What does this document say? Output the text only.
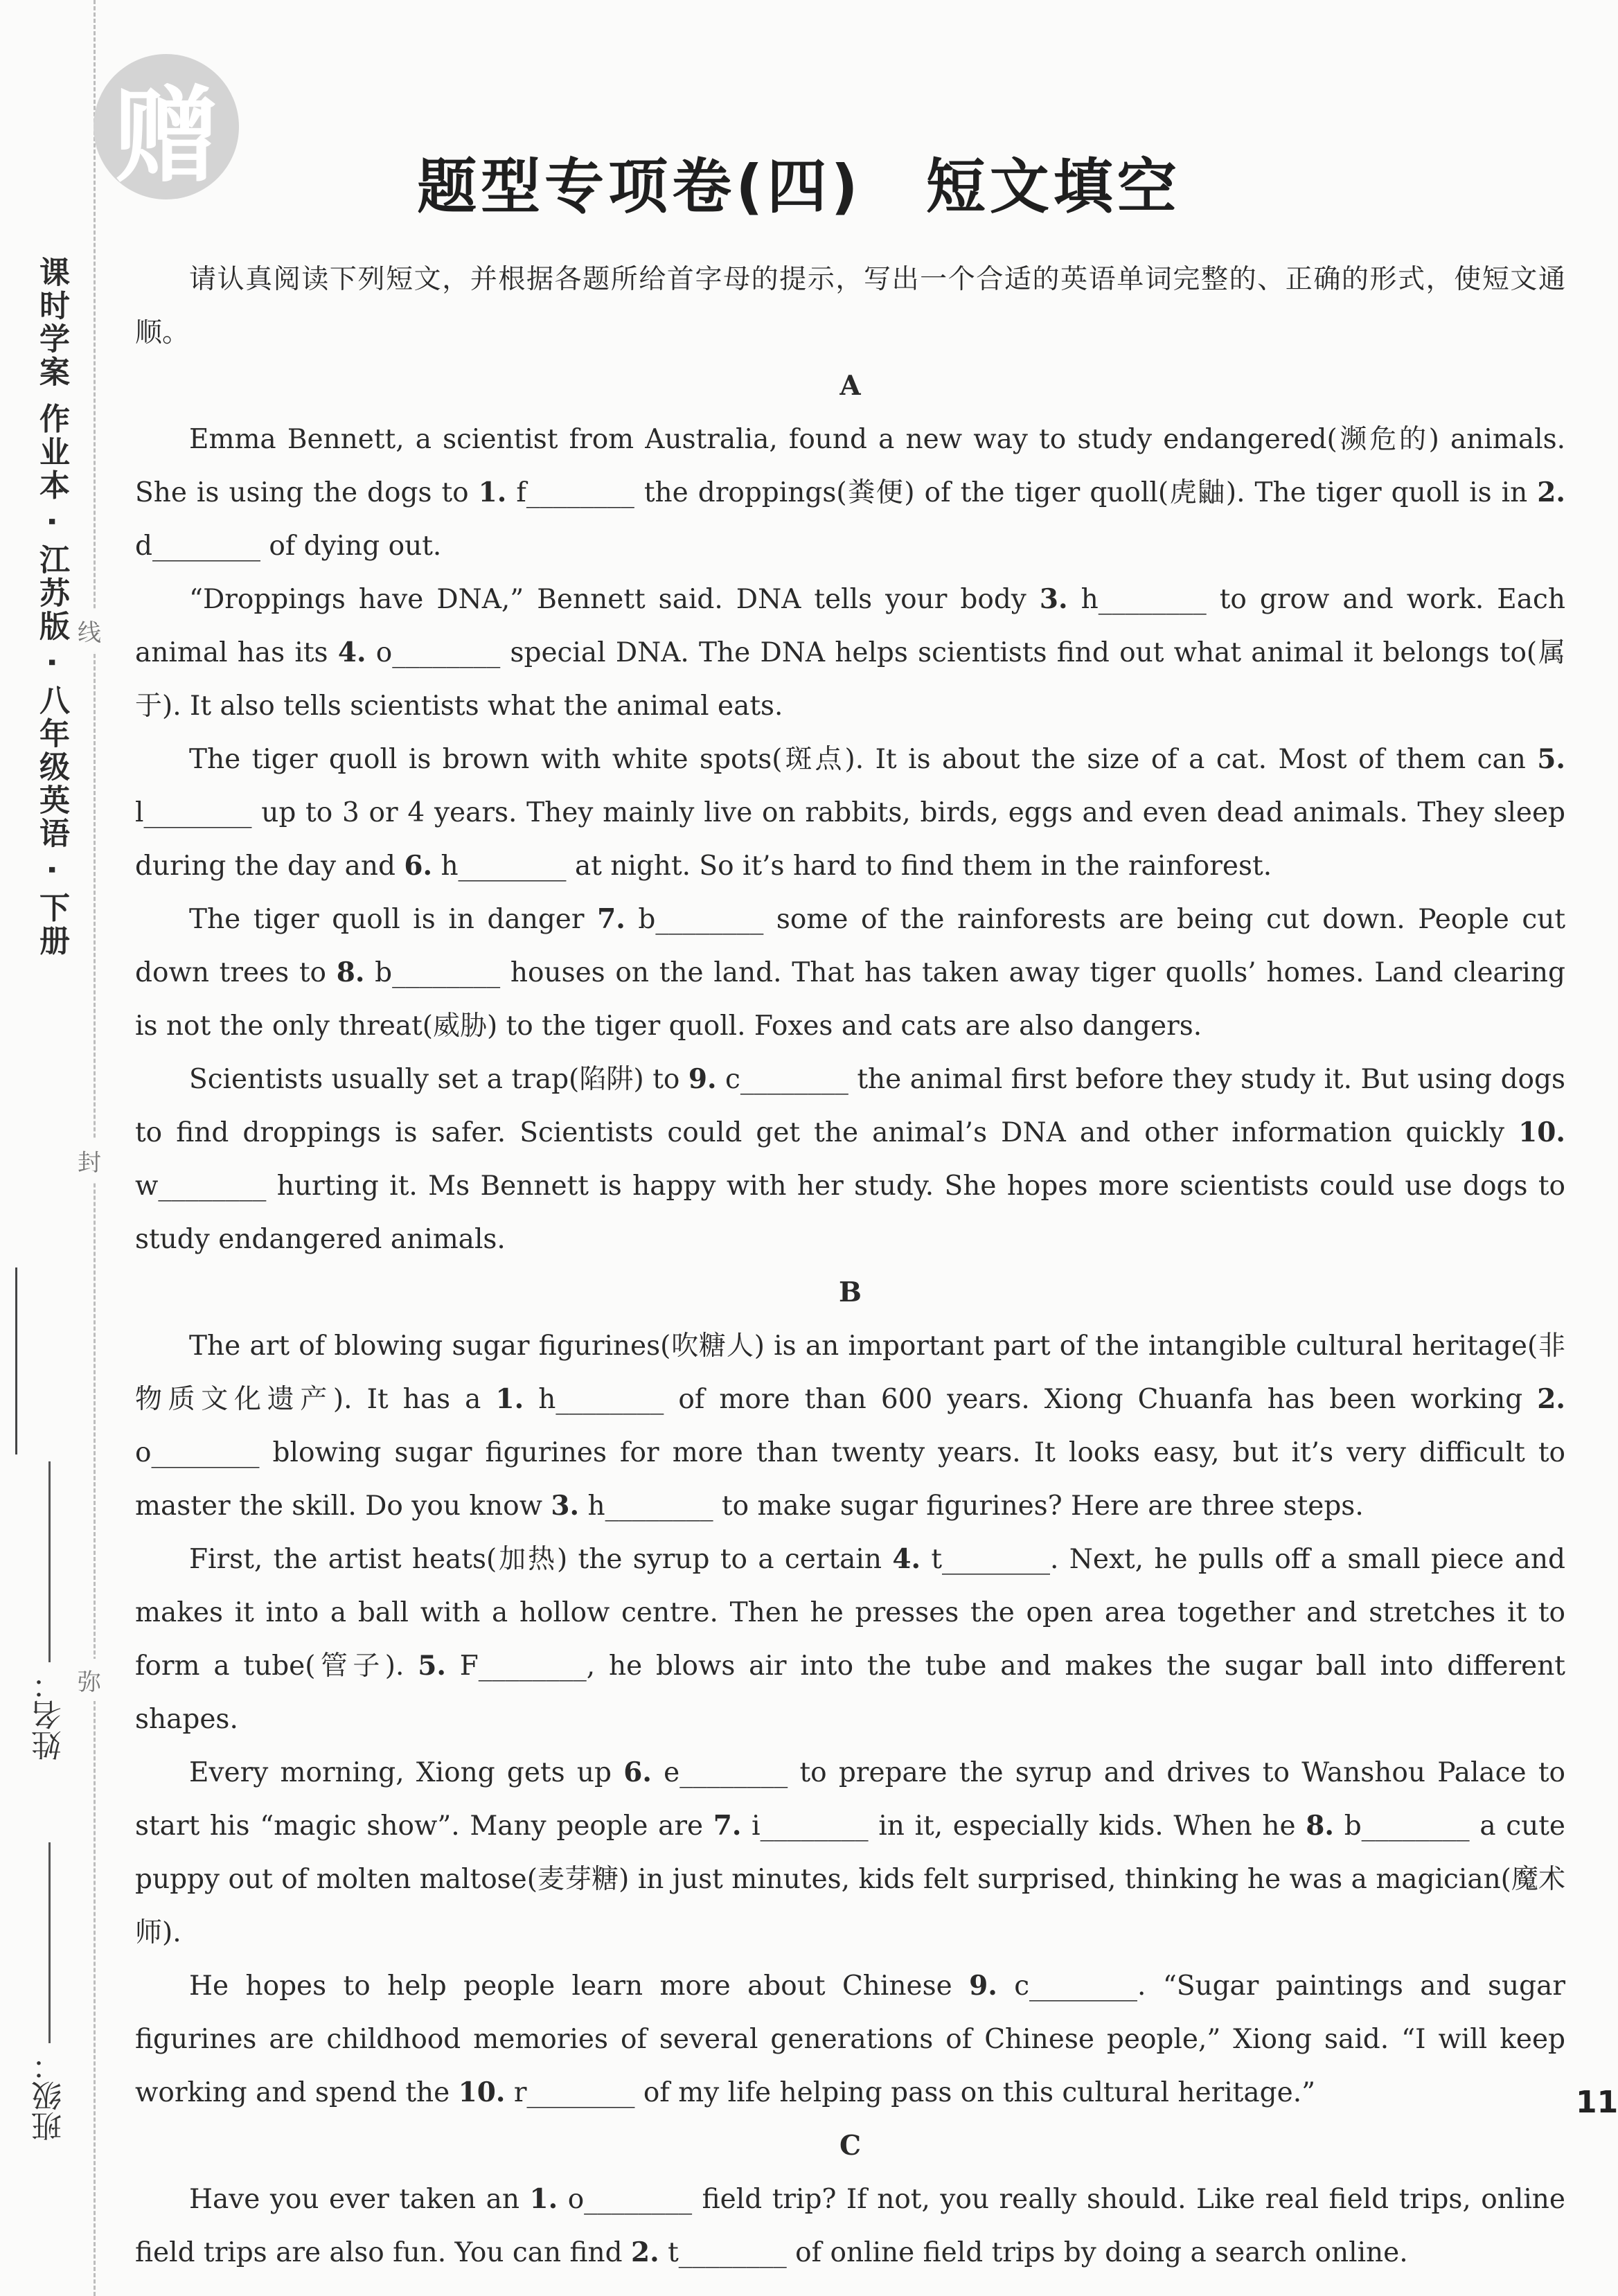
课时学案 作业本 · 江苏版 · 八年级英语 · 下册
姓名：
班级：
线
封
弥
赠	题型专项卷(四)　短文填空

请认真阅读下列短文，并根据各题所给首字母的提示，写出一个合适的英语单词完整的、正确的形式，使短文通顺。

A

Emma Bennett, a scientist from Australia, found a new way to study endangered(濒危的) animals. She is using the dogs to 1. f________ the droppings(粪便) of the tiger quoll(虎鼬). The tiger quoll is in 2. d________ of dying out.

“Droppings have DNA,” Bennett said. DNA tells your body 3. h________ to grow and work. Each animal has its 4. o________ special DNA. The DNA helps scientists find out what animal it belongs to(属于). It also tells scientists what the animal eats.

The tiger quoll is brown with white spots(斑点). It is about the size of a cat. Most of them can 5. l________ up to 3 or 4 years. They mainly live on rabbits, birds, eggs and even dead animals. They sleep during the day and 6. h________ at night. So it’s hard to find them in the rainforest.

The tiger quoll is in danger 7. b________ some of the rainforests are being cut down. People cut down trees to 8. b________ houses on the land. That has taken away tiger quolls’ homes. Land clearing is not the only threat(威胁) to the tiger quoll. Foxes and cats are also dangers.

Scientists usually set a trap(陷阱) to 9. c________ the animal first before they study it. But using dogs to find droppings is safer. Scientists could get the animal’s DNA and other information quickly 10. w________ hurting it. Ms Bennett is happy with her study. She hopes more scientists could use dogs to study endangered animals.

B

The art of blowing sugar figurines(吹糖人) is an important part of the intangible cultural heritage(非物质文化遗产). It has a 1. h________ of more than 600 years. Xiong Chuanfa has been working 2. o________ blowing sugar figurines for more than twenty years. It looks easy, but it’s very difficult to master the skill. Do you know 3. h________ to make sugar figurines? Here are three steps.

First, the artist heats(加热) the syrup to a certain 4. t________. Next, he pulls off a small piece and makes it into a ball with a hollow centre. Then he presses the open area together and stretches it to form a tube(管子). 5. F________, he blows air into the tube and makes the sugar ball into different shapes.

Every morning, Xiong gets up 6. e________ to prepare the syrup and drives to Wanshou Palace to start his “magic show”. Many people are 7. i________ in it, especially kids. When he 8. b________ a cute puppy out of molten maltose(麦芽糖) in just minutes, kids felt surprised, thinking he was a magician(魔术师).

He hopes to help people learn more about Chinese 9. c________. “Sugar paintings and sugar figurines are childhood memories of several generations of Chinese people,” Xiong said. “I will keep working and spend the 10. r________ of my life helping pass on this cultural heritage.”

C

Have you ever taken an 1. o________ field trip? If not, you really should. Like real field trips, online field trips are also fun. You can find 2. t________ of online field trips by doing a search online.

11
